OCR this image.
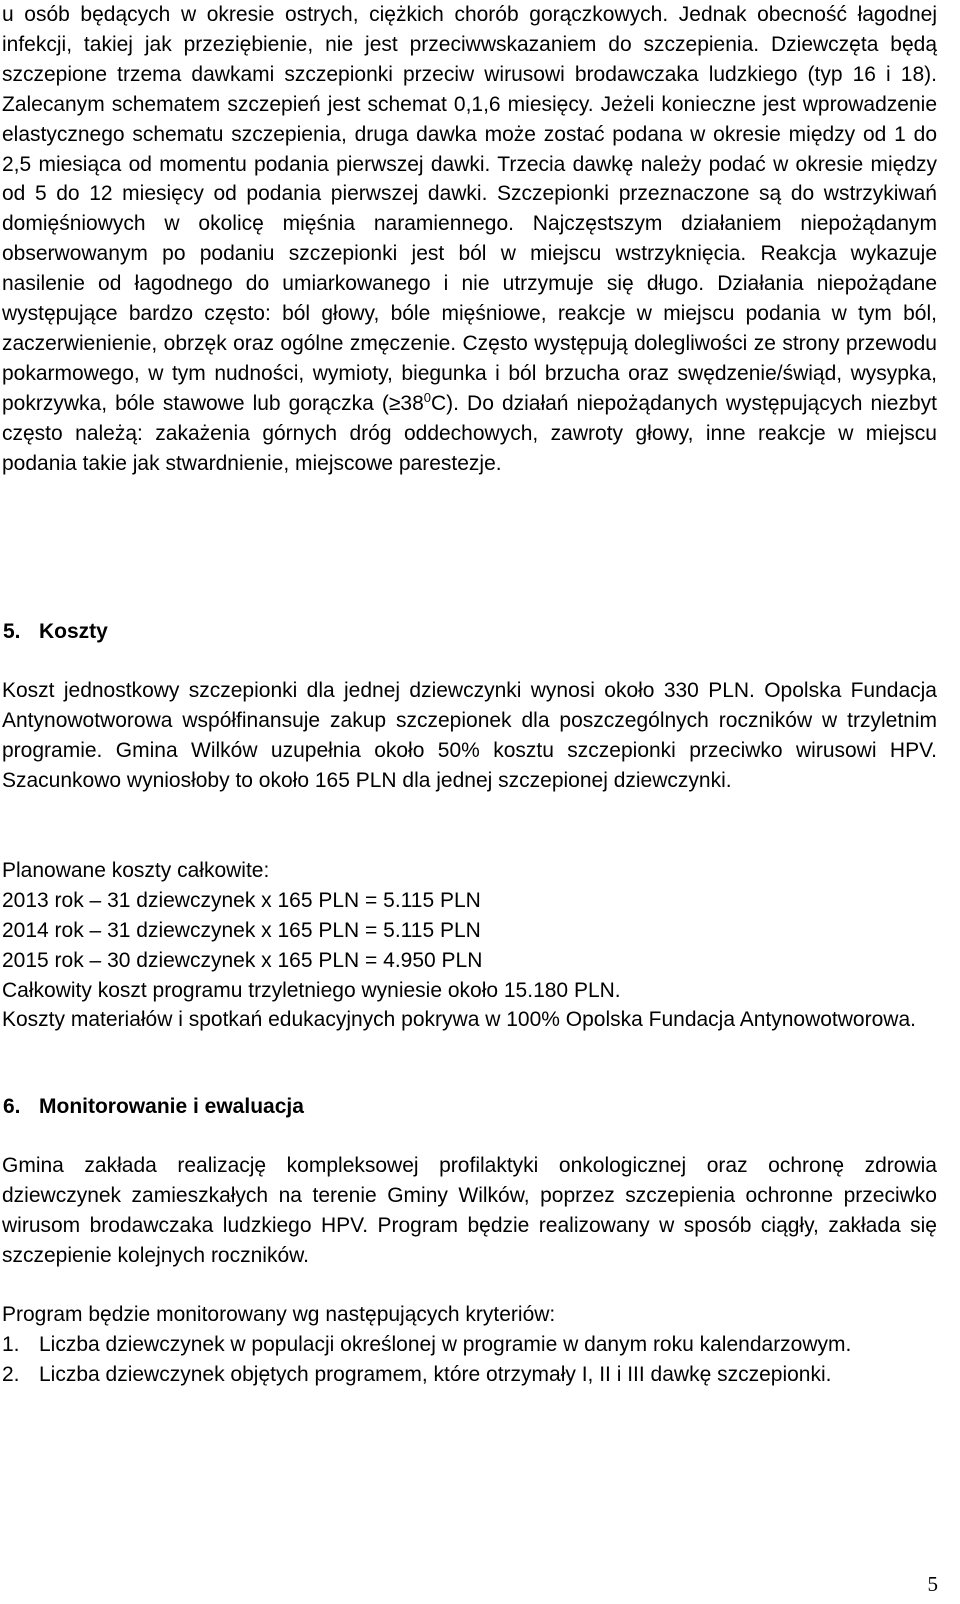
u osób będących w okresie ostrych, ciężkich chorób gorączkowych. Jednak obecność łagodnej infekcji, takiej jak przeziębienie, nie jest przeciwwskazaniem do szczepienia. Dziewczęta będą szczepione trzema dawkami szczepionki przeciw wirusowi brodawczaka ludzkiego (typ 16 i 18). Zalecanym schematem szczepień jest schemat 0,1,6 miesięcy. Jeżeli konieczne jest wprowadzenie elastycznego schematu szczepienia, druga dawka może zostać podana w okresie między od 1 do 2,5 miesiąca od momentu podania pierwszej dawki. Trzecia dawkę należy podać w okresie między od 5 do 12 miesięcy od podania pierwszej dawki. Szczepionki przeznaczone są do wstrzykiwań domięśniowych w okolicę mięśnia naramiennego. Najczęstszym działaniem niepożądanym obserwowanym po podaniu szczepionki jest ból w miejscu wstrzyknięcia. Reakcja wykazuje nasilenie od łagodnego do umiarkowanego i nie utrzymuje się długo. Działania niepożądane występujące bardzo często: ból głowy, bóle mięśniowe, reakcje w miejscu podania w tym ból, zaczerwienienie, obrzęk oraz ogólne zmęczenie. Często występują dolegliwości ze strony przewodu pokarmowego, w tym nudności, wymioty, biegunka i ból brzucha oraz swędzenie/świąd, wysypka, pokrzywka, bóle stawowe lub gorączka $(\ge 38^0C)$. Do działań niepożądanych występujących niezbyt często należą: zakażenia górnych dróg oddechowych, zawroty głowy, inne reakcje w miejscu podania takie jak stwardnienie, miejscowe parestezje.

5. Koszty

Koszt jednostkowy szczepionki dla jednej dziewczynki wynosi około 330 PLN. Opolska Fundacja Antynowotworowa współfinansuje zakup szczepionek dla poszczególnych roczników w trzyletnim programie. Gmina Wilków uzupełnia około 50% kosztu szczepionki przeciwko wirusowi HPV. Szacunkowo wyniosłoby to około 165 PLN dla jednej szczepionej dziewczynki.

Planowane koszty całkowite:
2013 rok – 31 dziewczynek x 165 PLN = 5.115 PLN
2014 rok – 31 dziewczynek x 165 PLN = 5.115 PLN
2015 rok – 30 dziewczynek x 165 PLN = 4.950 PLN
Całkowity koszt programu trzyletniego wyniesie około 15.180 PLN.

Koszty materiałów i spotkań edukacyjnych pokrywa w 100% Opolska Fundacja Antynowotworowa.

6. Monitorowanie i ewaluacja

Gmina zakłada realizację kompleksowej profilaktyki onkologicznej oraz ochronę zdrowia dziewczynek zamieszkałych na terenie Gminy Wilków, poprzez szczepienia ochronne przeciwko wirusom brodawczaka ludzkiego HPV. Program będzie realizowany w sposób ciągły, zakłada się szczepienie kolejnych roczników.

Program będzie monitorowany wg następujących kryteriów:

1. Liczba dziewczynek w populacji określonej w programie w danym roku kalendarzowym.
2. Liczba dziewczynek objętych programem, które otrzymały I, II i III dawkę szczepionki.
5
